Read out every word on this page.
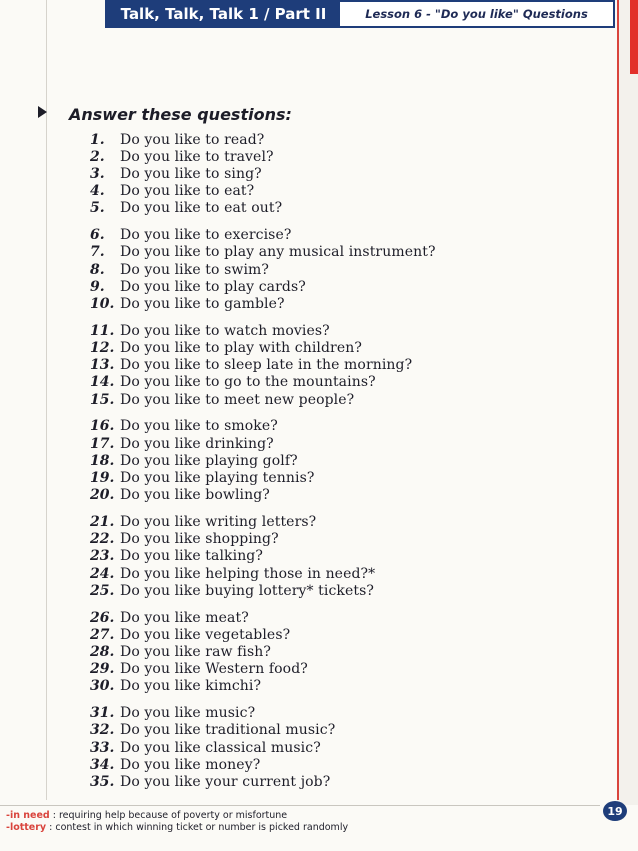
Talk, Talk, Talk 1 / Part II	Lesson 6 - "Do you like" Questions
Answer these questions:
1.	Do you like to read?
2.	Do you like to travel?
3.	Do you like to sing?
4.	Do you like to eat?
5.	Do you like to eat out?
6.	Do you like to exercise?
7.	Do you like to play any musical instrument?
8.	Do you like to swim?
9.	Do you like to play cards?
10. Do you like to gamble?
11. Do you like to watch movies?
12. Do you like to play with children?
13. Do you like to sleep late in the morning?
14. Do you like to go to the mountains?
15. Do you like to meet new people?
16. Do you like to smoke?
17. Do you like drinking?
18. Do you like playing golf?
19. Do you like playing tennis?
20. Do you like bowling?
21. Do you like writing letters?
22. Do you like shopping?
23. Do you like talking?
24. Do you like helping those in need?*
25. Do you like buying lottery* tickets?
26. Do you like meat?
27. Do you like vegetables?
28. Do you like raw fish?
29. Do you like Western food?
30. Do you like kimchi?
31. Do you like music?
32. Do you like traditional music?
33. Do you like classical music?
34. Do you like money?
35. Do you like your current job?
-in need : requiring help because of poverty or misfortune
-lottery : contest in which winning ticket or number is picked randomly
19
